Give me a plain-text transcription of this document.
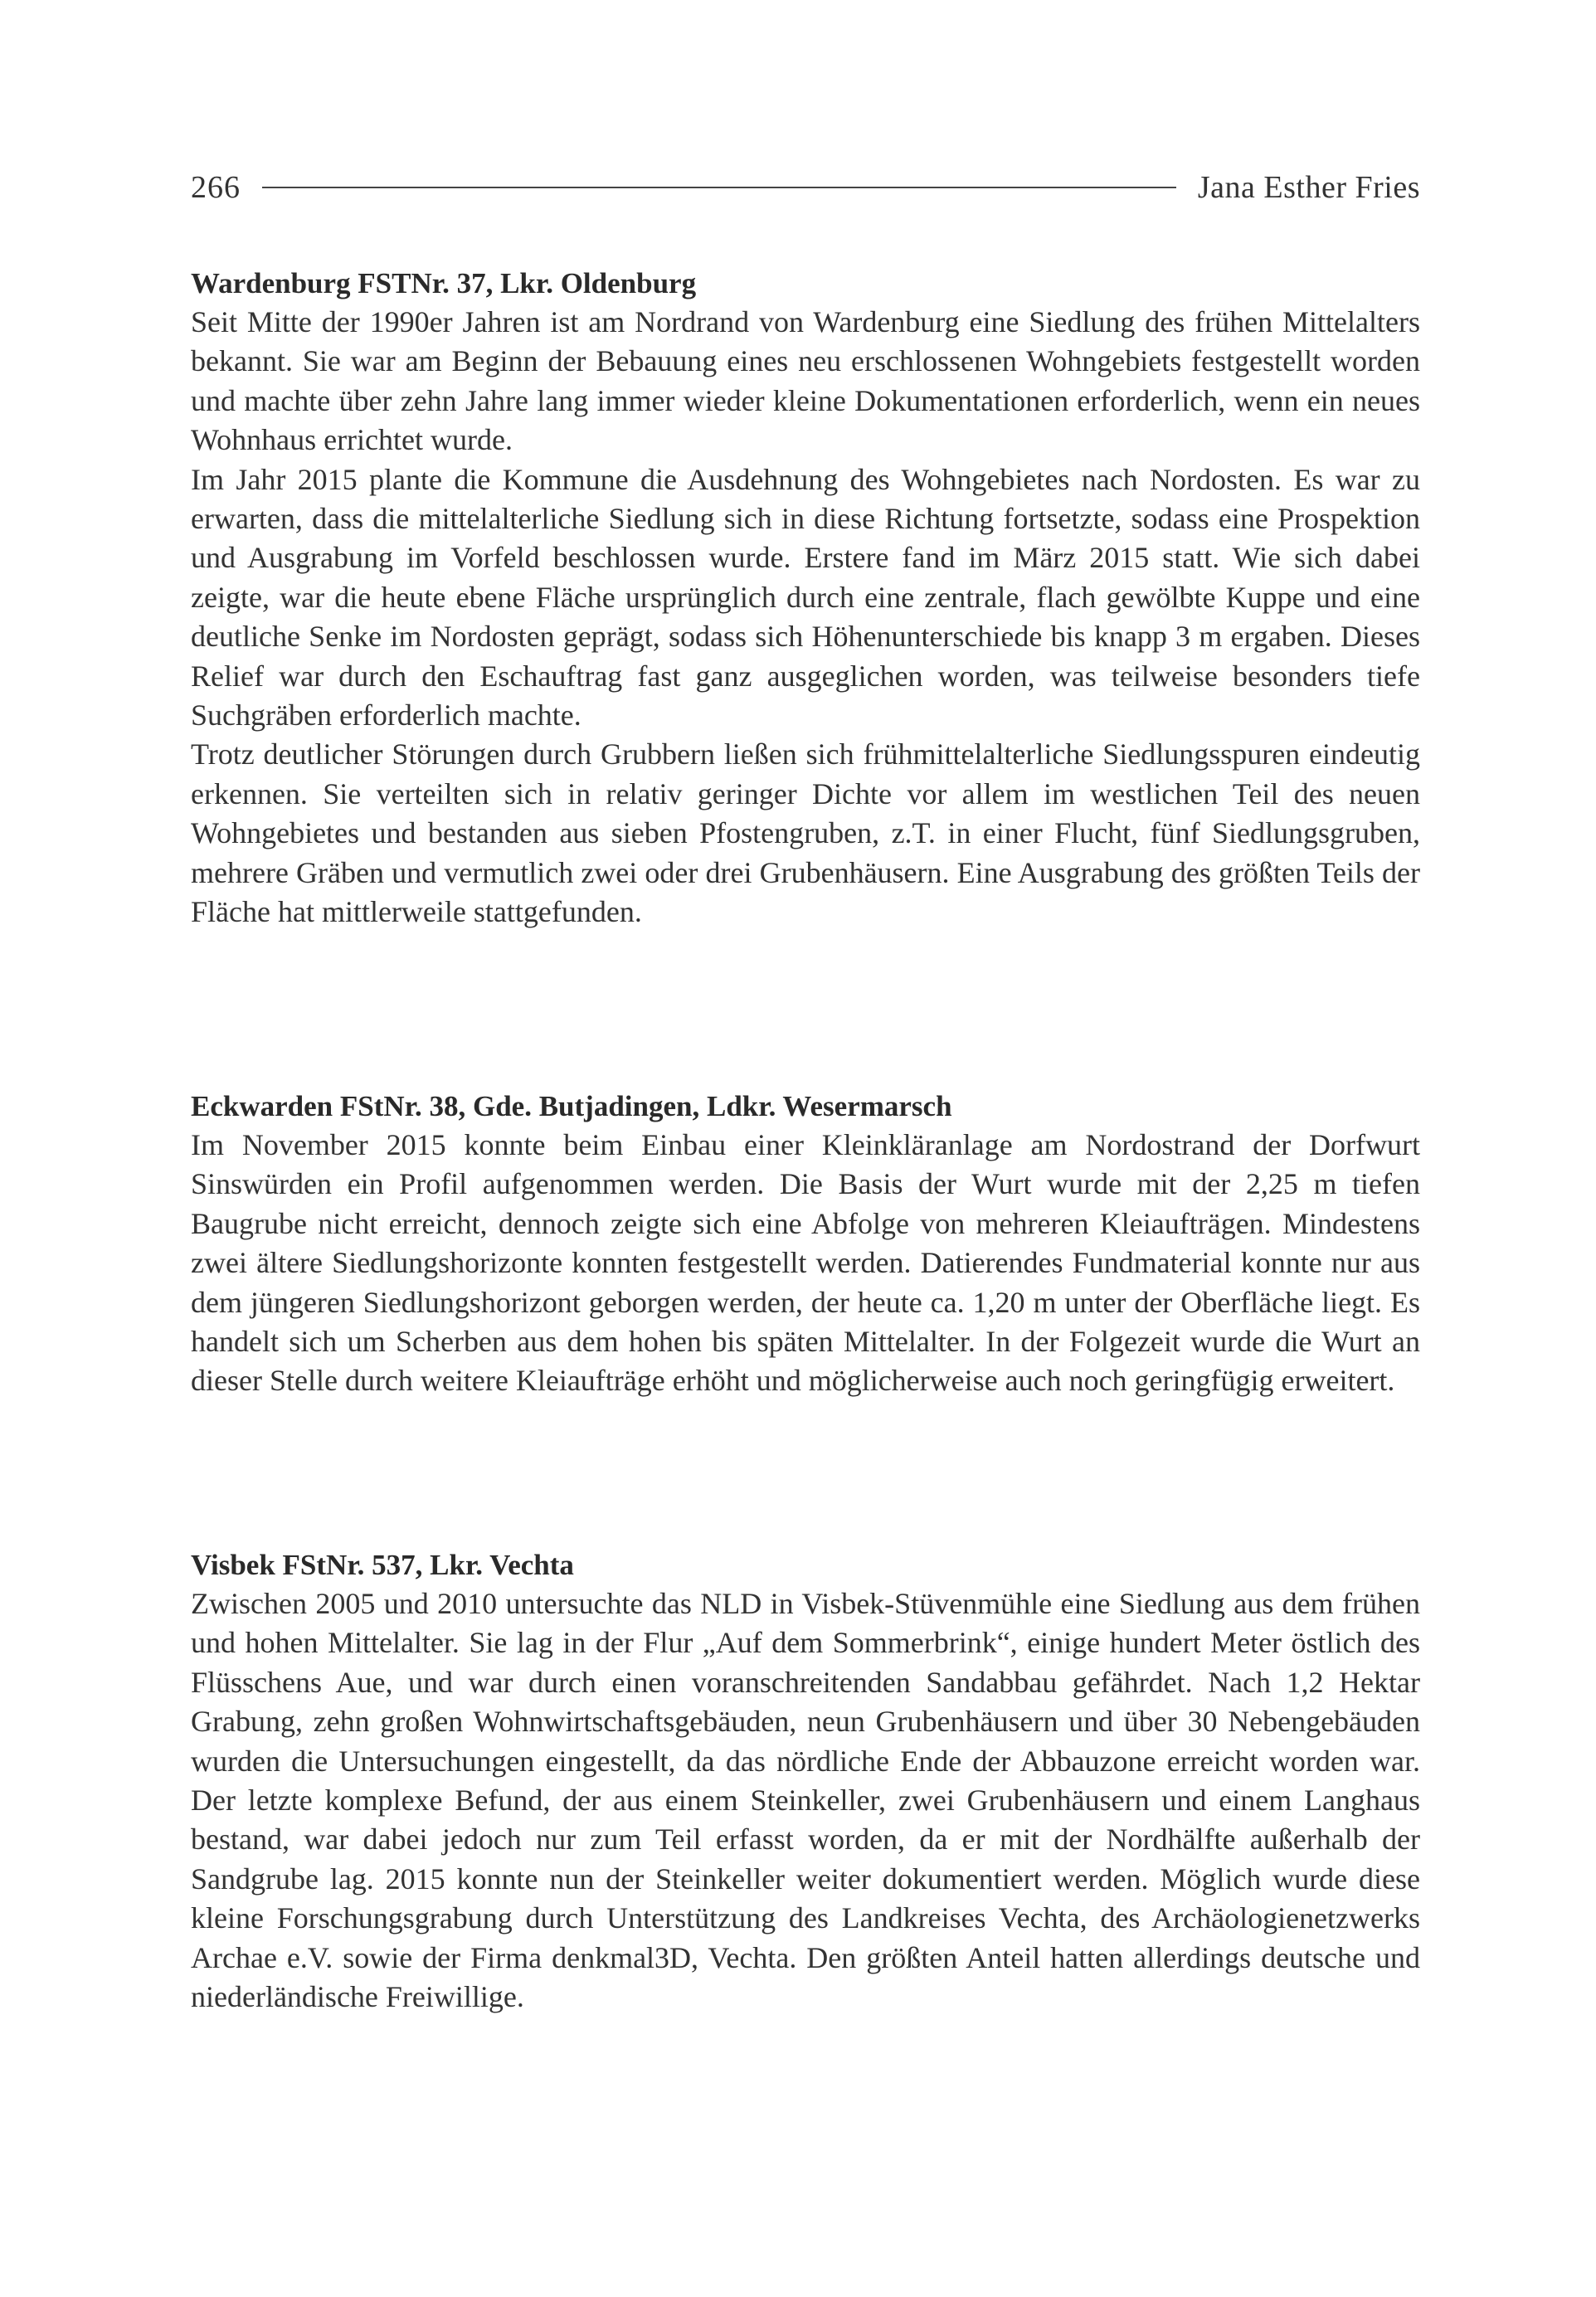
266	Jana Esther Fries
Wardenburg FSTNr. 37, Lkr. Oldenburg

Seit Mitte der 1990er Jahren ist am Nordrand von Wardenburg eine Siedlung des frühen Mittelalters bekannt. Sie war am Beginn der Bebauung eines neu erschlossenen Wohngebiets festgestellt worden und machte über zehn Jahre lang immer wieder kleine Dokumentationen erforderlich, wenn ein neues Wohnhaus errichtet wurde.

Im Jahr 2015 plante die Kommune die Ausdehnung des Wohngebietes nach Nordosten. Es war zu erwarten, dass die mittelalterliche Siedlung sich in diese Richtung fortsetzte, sodass eine Prospektion und Ausgrabung im Vorfeld beschlossen wurde. Erstere fand im März 2015 statt. Wie sich dabei zeigte, war die heute ebene Fläche ursprünglich durch eine zentrale, flach gewölbte Kuppe und eine deutliche Senke im Nordosten geprägt, sodass sich Höhenunterschiede bis knapp 3 m ergaben. Dieses Relief war durch den Eschauftrag fast ganz ausgeglichen worden, was teilweise besonders tiefe Suchgräben erforderlich machte.

Trotz deutlicher Störungen durch Grubbern ließen sich frühmittelalterliche Siedlungsspuren eindeutig erkennen. Sie verteilten sich in relativ geringer Dichte vor allem im westlichen Teil des neuen Wohngebietes und bestanden aus sieben Pfostengruben, z.T. in einer Flucht, fünf Siedlungsgruben, mehrere Gräben und vermutlich zwei oder drei Grubenhäusern. Eine Ausgrabung des größten Teils der Fläche hat mittlerweile stattgefunden.

Eckwarden FStNr. 38, Gde. Butjadingen, Ldkr. Wesermarsch

Im November 2015 konnte beim Einbau einer Kleinkläranlage am Nordostrand der Dorfwurt Sinswürden ein Profil aufgenommen werden. Die Basis der Wurt wurde mit der 2,25 m tiefen Baugrube nicht erreicht, dennoch zeigte sich eine Abfolge von mehreren Kleiaufträgen. Mindestens zwei ältere Siedlungshorizonte konnten festgestellt werden. Datierendes Fundmaterial konnte nur aus dem jüngeren Siedlungshorizont geborgen werden, der heute ca. 1,20 m unter der Oberfläche liegt. Es handelt sich um Scherben aus dem hohen bis späten Mittelalter. In der Folgezeit wurde die Wurt an dieser Stelle durch weitere Kleiaufträge erhöht und möglicherweise auch noch geringfügig erweitert.

Visbek FStNr. 537, Lkr. Vechta

Zwischen 2005 und 2010 untersuchte das NLD in Visbek-Stüvenmühle eine Siedlung aus dem frühen und hohen Mittelalter. Sie lag in der Flur „Auf dem Sommerbrink“, einige hundert Meter östlich des Flüsschens Aue, und war durch einen voranschreitenden Sandabbau gefährdet. Nach 1,2 Hektar Grabung, zehn großen Wohnwirtschaftsgebäuden, neun Grubenhäusern und über 30 Nebengebäuden wurden die Untersuchungen eingestellt, da das nördliche Ende der Abbauzone erreicht worden war. Der letzte komplexe Befund, der aus einem Steinkeller, zwei Grubenhäusern und einem Langhaus bestand, war dabei jedoch nur zum Teil erfasst worden, da er mit der Nordhälfte außerhalb der Sandgrube lag. 2015 konnte nun der Steinkeller weiter dokumentiert werden. Möglich wurde diese kleine Forschungsgrabung durch Unterstützung des Landkreises Vechta, des Archäologienetzwerks Archae e.V. sowie der Firma denkmal3D, Vechta. Den größten Anteil hatten allerdings deutsche und niederländische Freiwillige.
